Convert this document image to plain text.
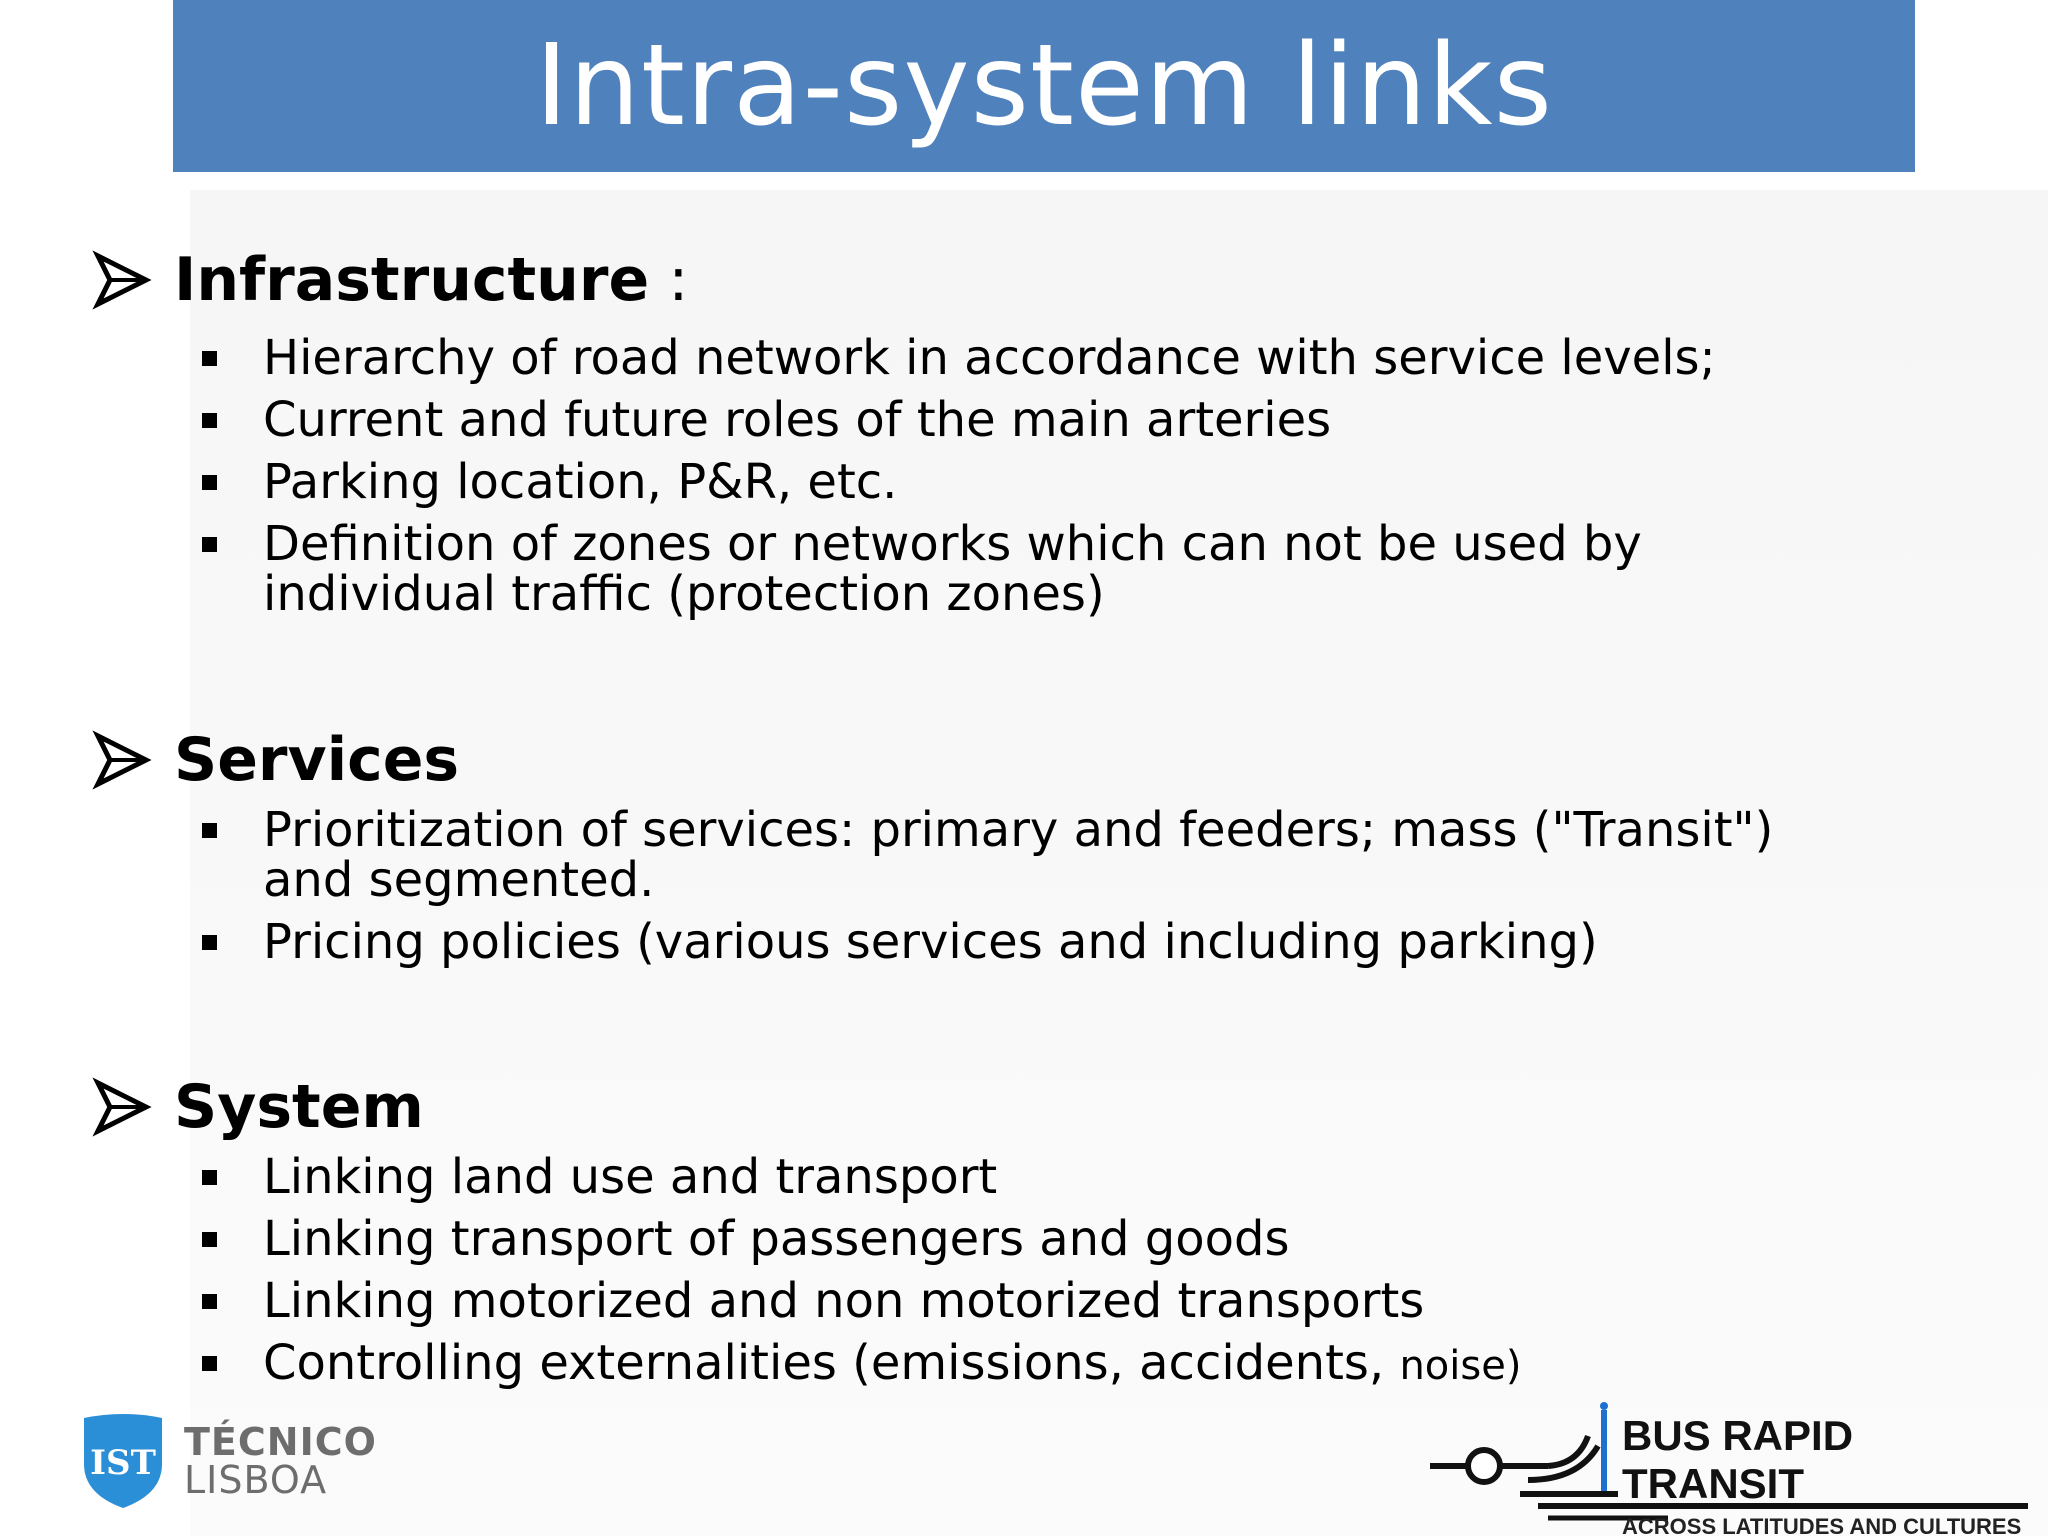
Intra-system links
Infrastructure :
Hierarchy of road network in accordance with service levels;
Current and future roles of the main arteries
Parking location, P&R, etc.
Definition of zones or networks which can not be used by individual traffic (protection zones)
Services
Prioritization of services: primary and feeders; mass ("Transit") and segmented.
Pricing policies (various services and including parking)
System
Linking land use and transport
Linking transport of passengers and goods
Linking motorized and non motorized transports
Controlling externalities (emissions, accidents, noise)
IST TÉCNICO
LISBOA
BUS RAPID TRANSIT
ACROSS LATITUDES AND CULTURES
